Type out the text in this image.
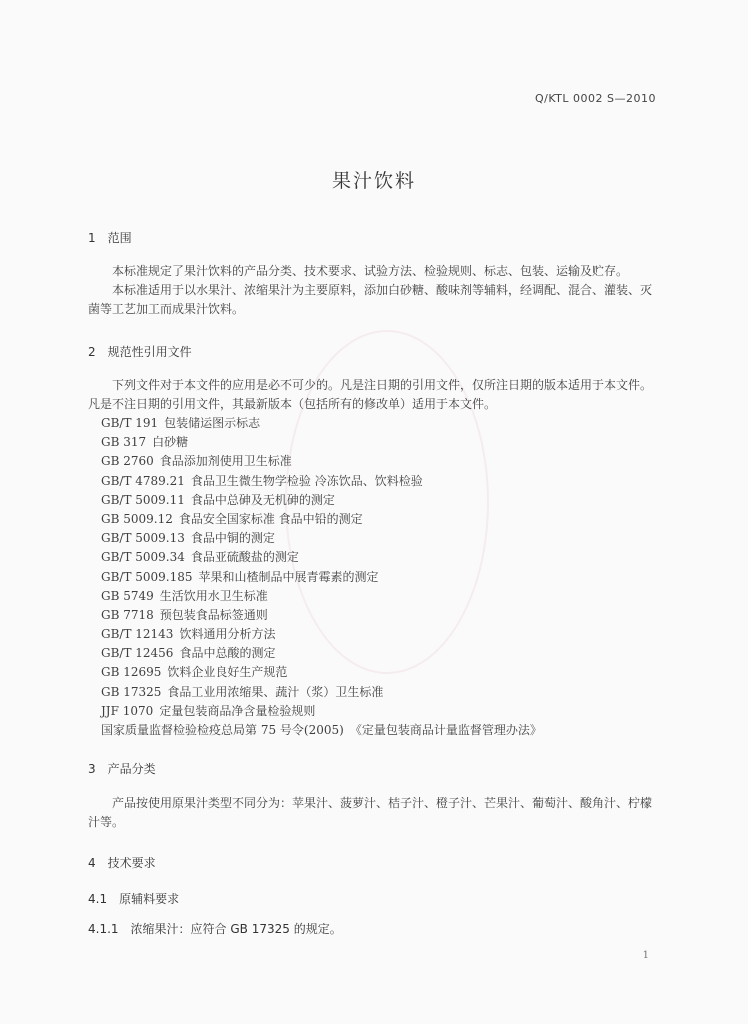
Q/KTL 0002 S—2010
果汁饮料
1 范围

本标准规定了果汁饮料的产品分类、技术要求、试验方法、检验规则、标志、包装、运输及贮存。

本标准适用于以水果汁、浓缩果汁为主要原料，添加白砂糖、酸味剂等辅料，经调配、混合、灌装、灭菌等工艺加工而成果汁饮料。

2 规范性引用文件

下列文件对于本文件的应用是必不可少的。凡是注日期的引用文件，仅所注日期的版本适用于本文件。凡是不注日期的引用文件，其最新版本（包括所有的修改单）适用于本文件。

GB/T 191 包装储运图示标志
GB 317 白砂糖
GB 2760 食品添加剂使用卫生标准
GB/T 4789.21 食品卫生微生物学检验 冷冻饮品、饮料检验
GB/T 5009.11 食品中总砷及无机砷的测定
GB 5009.12 食品安全国家标准 食品中铅的测定
GB/T 5009.13 食品中铜的测定
GB/T 5009.34 食品亚硫酸盐的测定
GB/T 5009.185 苹果和山楂制品中展青霉素的测定
GB 5749 生活饮用水卫生标准
GB 7718 预包装食品标签通则
GB/T 12143 饮料通用分析方法
GB/T 12456 食品中总酸的测定
GB 12695 饮料企业良好生产规范
GB 17325 食品工业用浓缩果、蔬汁（浆）卫生标准
JJF 1070 定量包装商品净含量检验规则
国家质量监督检验检疫总局第 75 号令(2005) 《定量包装商品计量监督管理办法》
3 产品分类

产品按使用原果汁类型不同分为：苹果汁、菠萝汁、桔子汁、橙子汁、芒果汁、葡萄汁、酸角汁、柠檬汁等。

4 技术要求
4.1 原辅料要求
4.1.1 浓缩果汁：应符合 GB 17325 的规定。
1
